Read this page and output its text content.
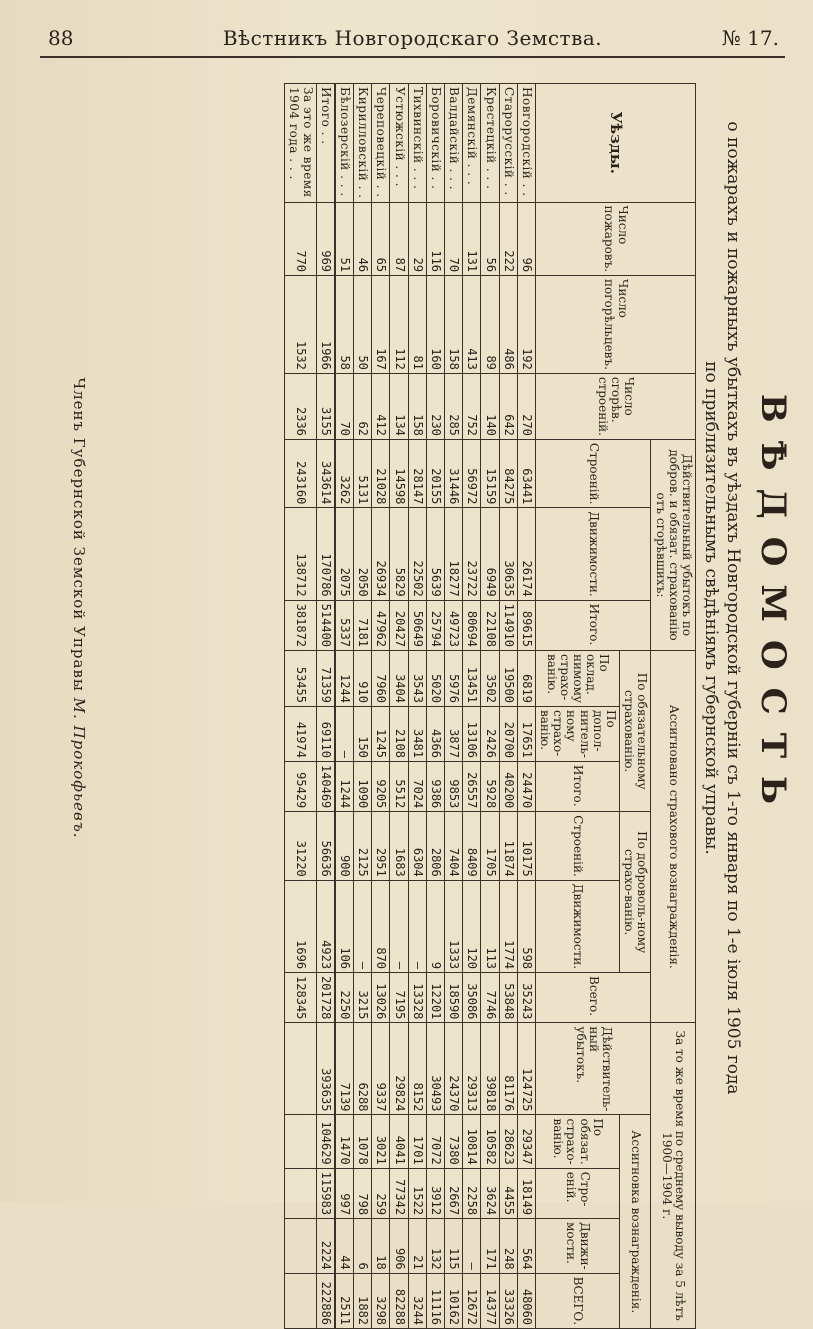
88	Вѣстникъ Новгородскаго Земства.	№ 17.
ВѢДОМОСТЬ
о пожарахъ и пожарныхъ убыткахъ въ уѣздахъ Новгородской губернiи съ 1-го января по 1-е iюля 1905 года
по приблизительнымъ свѣдѣнiямъ губернской управы.
Уѣзды.	Число пожаровъ.	Число погорѣльцевъ.	Число сгорѣв. строенiй.	Дѣйствительный убытокъ по добров. и обязат. страхованiю отъ сгорѣвшихъ:			Ассигновано страхового вознагражденiя.						За то же время по среднему выводу за 5 лѣтъ 1900—1904 г.				
				Строенiй.	Движимости.	Итого.	По обязательному страхованiю.			По доброволь-ному страхо-ванiю.		Всего.	Дѣйствитель-ный убытокъ.	Ассигновка вознагражденiя.			
							По оклад. нимому страхо-ванiю.	По допол-нитель-ному страхо-ванiю.	Итого.	Строенiй.	Движимости.			По обязат. страхо-ванiю.	Стро-енiй.	Движи-мости.	ВСЕГО.
Новгородскiй . .	96	192	270	63441	26174	89615	6819	17651	24470	10175	598	35243	124725	29347	18149	564	48060
Старорусскiй . .	222	486	642	84275	30635	114910	19500	20700	40200	11874	1774	53848	81176	28623	4455	248	33326
Крестецкiй . . .	56	89	140	15159	6949	22108	3502	2426	5928	1705	113	7746	39818	10582	3624	171	14377
Демянскiй . . .	131	413	752	56972	23722	80694	13451	13106	26557	8409	120	35086	29313	10814	2258	—	12672
Валдайскiй . . .	70	158	285	31446	18277	49723	5976	3877	9853	7404	1333	18590	24370	7380	2667	115	10162
Боровичскiй . .	116	160	230	20155	5639	25794	5020	4366	9386	2806	9	12201	30493	7072	3912	132	11116
Тихвинскiй . . .	29	81	158	28147	22502	50649	3543	3481	7024	6304	—	13328	8152	1701	1522	21	3244
Устюжскiй . . .	87	112	134	14598	5829	20427	3404	2108	5512	1683	—	7195	29824	4041	77342	906	82288
Череповецкiй . .	65	167	412	21028	26934	47962	7960	1245	9205	2951	870	13026	9337	3021	259	18	3298
Кирилловскiй . .	46	50	62	5131	2050	7181	910	150	1090	2125	—	3215	6288	1078	798	6	1882
Бѣлозерскiй . . .	51	58	70	3262	2075	5337	1244	—	1244	900	106	2250	7139	1470	997	44	2511
Итого . .	969	1966	3155	343614	170786	514400	71359	69110	140469	56636	4923	201728	393635	104629	115983	2224	222886

За это же время
1904 года . . .	770	1532	2336	243160	138712	381872	53455	41974	95429	31220	1696	128345					
Членъ Губернской Земской Управы М. Прокофьевъ.
